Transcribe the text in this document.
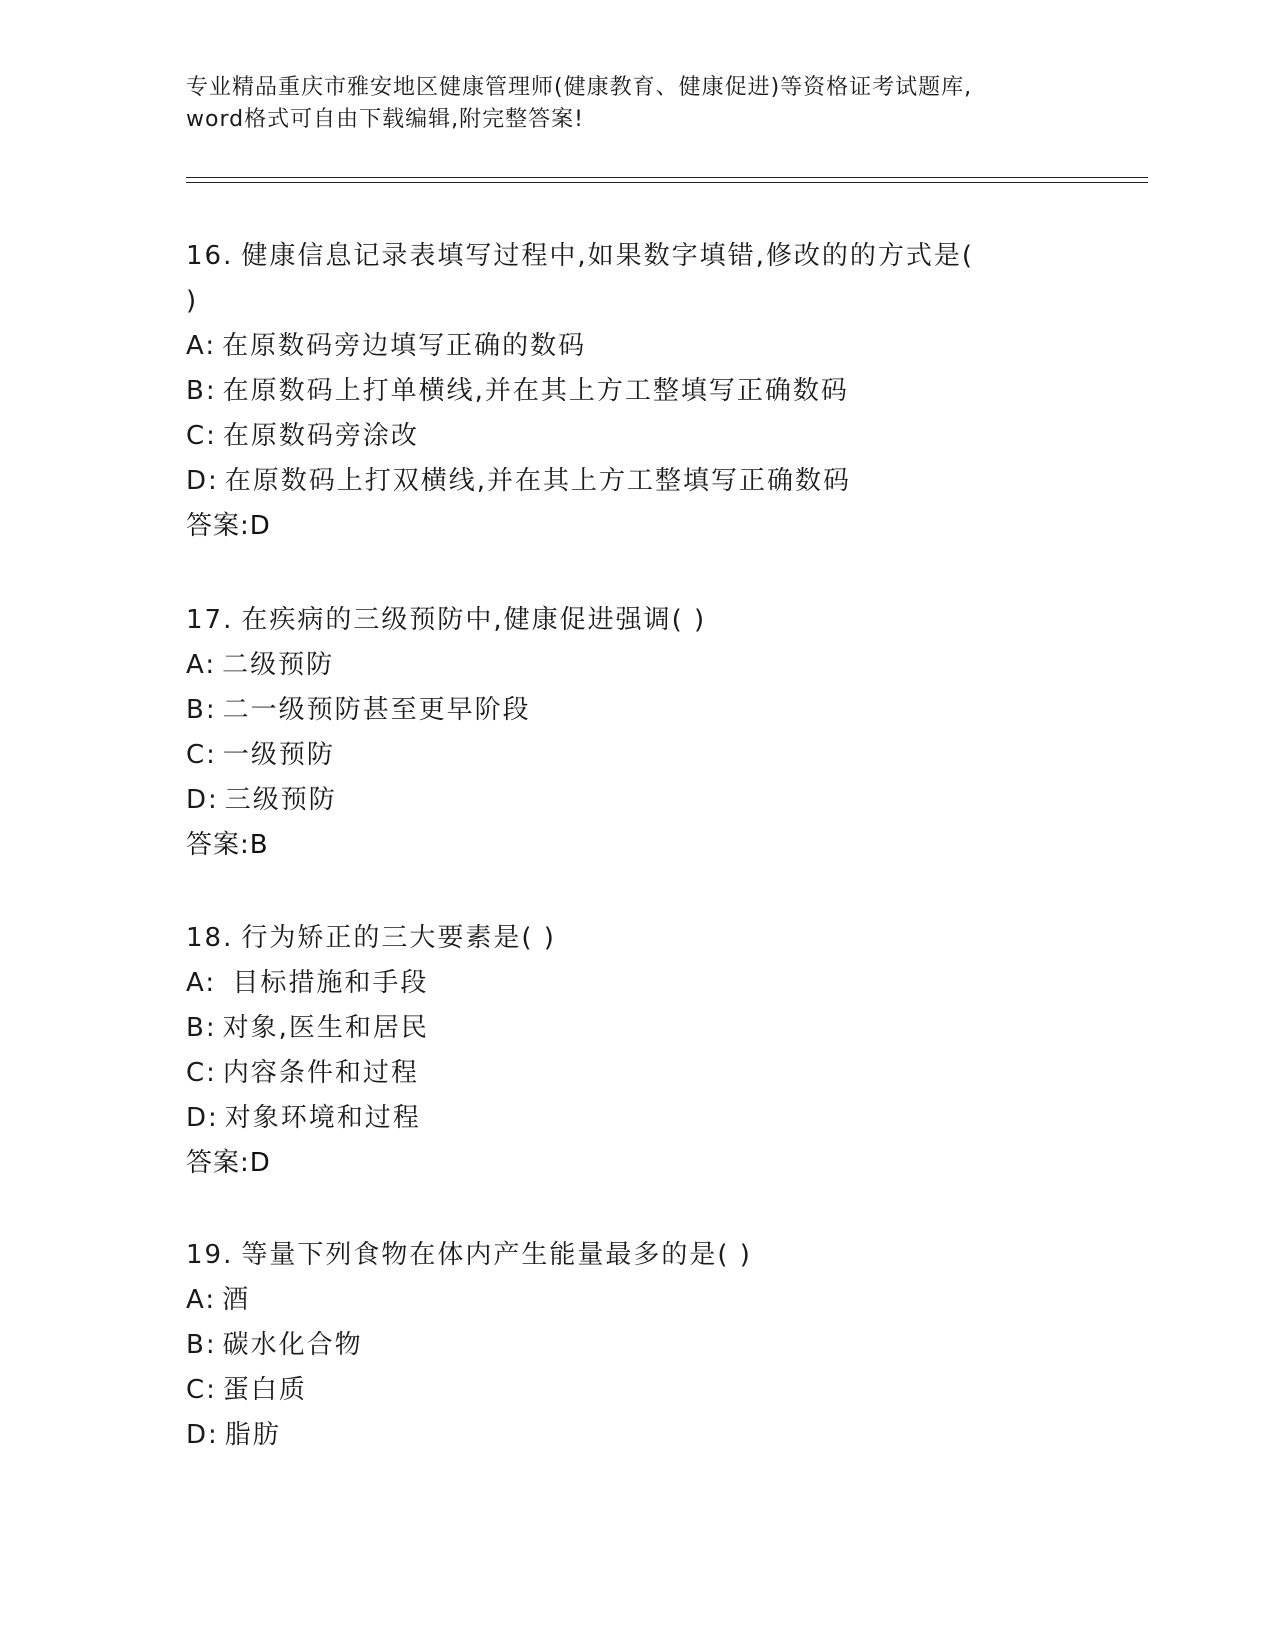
专业精品重庆市雅安地区健康管理师(健康教育、健康促进)等资格证考试题库,
word格式可自由下载编辑,附完整答案!
16. 健康信息记录表填写过程中,如果数字填错,修改的的方式是(
)
A: 在原数码旁边填写正确的数码
B: 在原数码上打单横线,并在其上方工整填写正确数码
C: 在原数码旁涂改
D: 在原数码上打双横线,并在其上方工整填写正确数码
答案:D
17. 在疾病的三级预防中,健康促进强调( )
A: 二级预防
B: 二一级预防甚至更早阶段
C: 一级预防
D: 三级预防
答案:B
18. 行为矫正的三大要素是( )
A: 目标措施和手段
B: 对象,医生和居民
C: 内容条件和过程
D: 对象环境和过程
答案:D
19. 等量下列食物在体内产生能量最多的是( )
A: 酒
B: 碳水化合物
C: 蛋白质
D: 脂肪
